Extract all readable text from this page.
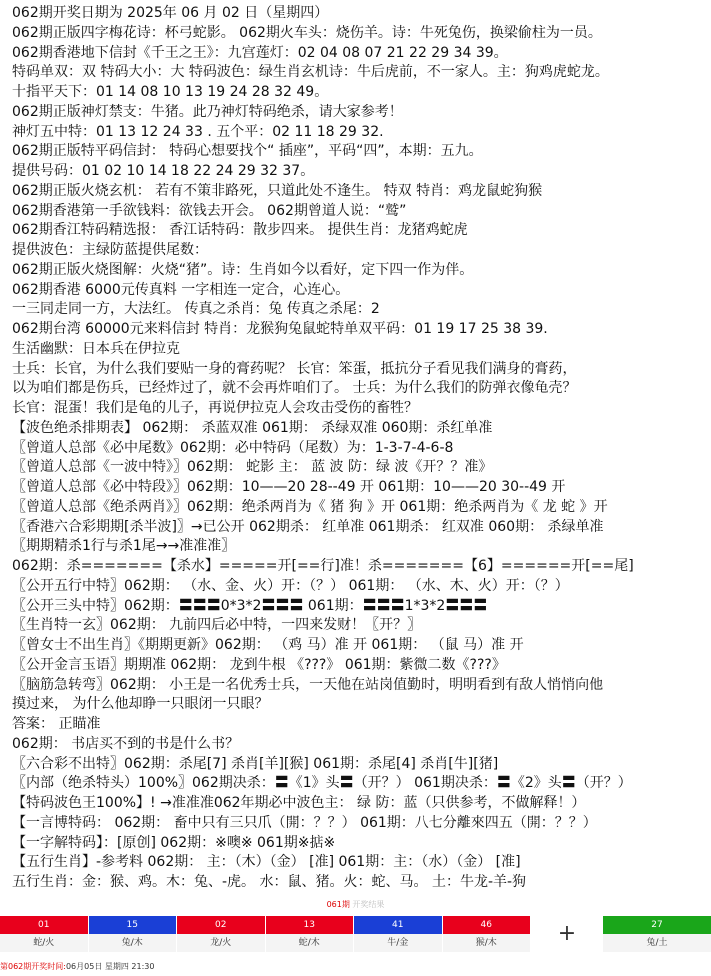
062期开奖日期为 2025年 06 月 02 日（星期四）
062期正版四字梅花诗：杯弓蛇影。 062期火车头：烧伤羊。诗：牛死兔伤，换梁偷柱为一员。
062期香港地下信封《千王之王》：九宫莲灯：02 04 08 07 21 22 29 34 39。
特码单双：双 特码大小：大 特码波色：绿生肖玄机诗：牛后虎前，不一家人。主：狗鸡虎蛇龙。
十指平天下：01 14 08 10 13 19 24 28 32 49。
062期正版神灯禁支：牛猪。此乃神灯特码绝杀，请大家参考！
神灯五中特：01 13 12 24 33 . 五个平：02 11 18 29 32.
062期正版特平码信封： 特码心想要找个“ 插座”，平码“四”，本期：五九。
提供号码：01 02 10 14 18 22 24 29 32 37。
062期正版火烧玄机： 若有不策非路死，只道此处不逢生。 特双 特肖：鸡龙鼠蛇狗猴
062期香港第一手欲钱料：欲钱去开会。 062期曾道人说：“鹫”
062期香江特码精选报： 香江话特码：散步四来。 提供生肖：龙猪鸡蛇虎
提供波色：主绿防蓝提供尾数：
062期正版火烧图解：火烧“猪”。诗：生肖如今以看好，定下四一作为伴。
062期香港 6000元传真料 一字相连一定合，心连心。
一三同走同一方，大法红。 传真之杀肖：兔 传真之杀尾：2
062期台湾 60000元来料信封 特肖：龙猴狗兔鼠蛇特单双平码：01 19 17 25 38 39.
生活幽默：日本兵在伊拉克
士兵：长官，为什么我们要贴一身的膏药呢？ 长官：笨蛋，抵抗分子看见我们满身的膏药，
以为咱们都是伤兵，已经炸过了，就不会再炸咱们了。 士兵：为什么我们的防弹衣像龟壳？
长官：混蛋！我们是龟的儿子，再说伊拉克人会攻击受伤的畜牲？
【波色绝杀排期表】 062期： 杀蓝双准 061期： 杀绿双准 060期：杀红单准
〖曾道人总部《必中尾数》062期：必中特码（尾数）为：1-3-7-4-6-8
〖曾道人总部《一波中特》〗062期： 蛇影 主： 蓝 波 防：绿 波《开？？准》
〖曾道人总部《必中特段》〗062期：10——20 28--49 开 061期：10——20 30--49 开
〖曾道人总部《绝杀两肖》〗062期：绝杀两肖为《 猪 狗 》开 061期：绝杀两肖为《 龙 蛇 》开
〖香港六合彩期期[杀半波]〗→已公开 062期杀： 红单准 061期杀： 红双准 060期： 杀绿单准
〖期期精杀1行与杀1尾→→准准准〗
062期：杀=======【杀水】=====开[==行]准！杀=======【6】======开[==尾]
〖公开五行中特〗062期： （水、金、火）开：（？） 061期： （水、木、火）开：（？）
〖公开三头中特〗062期：〓〓〓0*3*2〓〓〓 061期：〓〓〓1*3*2〓〓〓
〖生肖特一玄〗062期： 九前四后必中特，一四来发财！〖开？〗
〖曾女士不出生肖〗《期期更新》062期： （鸡 马）准 开 061期： （鼠 马）准 开
〖公开金言玉语〗期期准 062期： 龙到牛根 《???》 061期：紫微二数《???》
〖脑筋急转弯〗062期： 小王是一名优秀士兵，一天他在站岗值勤时，明明看到有敌人悄悄向他
摸过来， 为什么他却睁一只眼闭一只眼？
答案： 正瞄准
062期： 书店买不到的书是什么书？
〖六合彩不出特〗062期：杀尾[7] 杀肖[羊][猴] 061期：杀尾[4] 杀肖[牛][猪]
〖内部（绝杀特头）100%〗062期决杀：〓《1》头〓（开？） 061期决杀：〓《2》头〓（开？）
【特码波色王100%】! →准准准062年期必中波色主： 绿 防：蓝（只供参考，不做解释！）
【一言博特码： 062期： 畜中只有三只爪（開：？？） 061期：八七分離來四五（開：？？）
【一字解特码】：[原创] 062期：※噢※ 061期※掂※
【五行生肖】-参考料 062期： 主：（木）（金） [准] 061期：主：（水）（金） [准]
五行生肖：金：猴、鸡。木：兔、-虎。 水：鼠、猪。火：蛇、马。 土：牛龙-羊-狗
061期 开奖结果
01
蛇/火
15
兔/木
02
龙/火
13
蛇/木
41
牛/金
46
猴/木
27
兔/土
+
第062期开奖时间:06月05日 星期四 21:30
